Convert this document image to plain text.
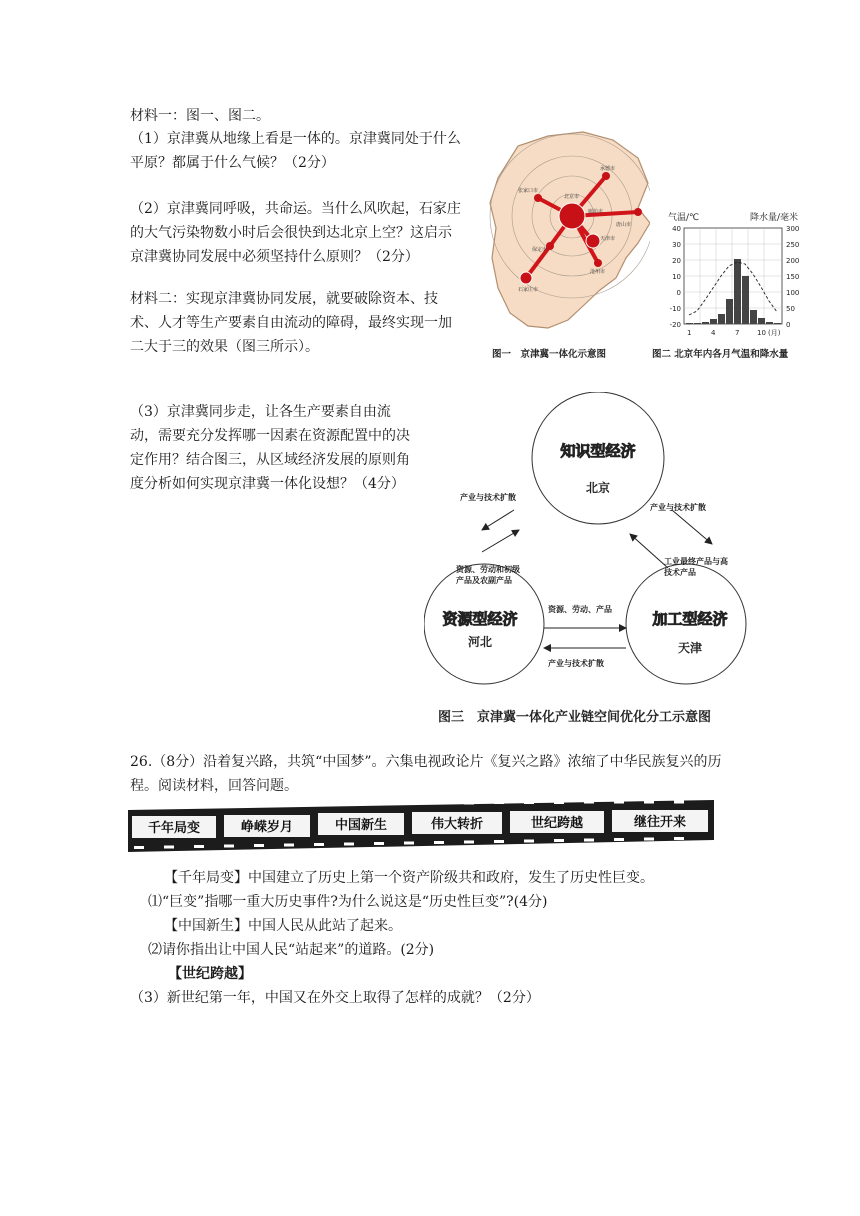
材料一：图一、图二。

（1）京津冀从地缘上看是一体的。京津冀同处于什么平原？都属于什么气候？（2分）

（2）京津冀同呼吸，共命运。当什么风吹起，石家庄的大气污染物数小时后会很快到达北京上空？这启示京津冀协同发展中必须坚持什么原则？（2分）

材料二：实现京津冀协同发展，就要破除资本、技术、人才等生产要素自由流动的障碍，最终实现一加二大于三的效果（图三所示）。

张家口市
北京市
承德市
廊坊市
保定市
天津市
唐山市
沧州市
石家庄市
图一　京津冀一体化示意图
气温/℃	降水量/毫米
40
30
20
10
0
-10
-20
300
250
200
150
100
50
0
1	4	7	10 (月)
图二 北京年内各月气温和降水量

（3）京津冀同步走，让各生产要素自由流动，需要充分发挥哪一因素在资源配置中的决定作用？结合图三，从区域经济发展的原则角度分析如何实现京津冀一体化设想？（4分）

知识型经济
北京
资源型经济
河北
加工型经济
天津
产业与技术扩散
产业与技术扩散
资源、劳动和初级产品及农副产品
工业最终产品与高技术产品
资源、劳动、产品
产业与技术扩散
图三　京津冀一体化产业链空间优化分工示意图

26.（8分）沿着复兴路，共筑“中国梦”。六集电视政论片《复兴之路》浓缩了中华民族复兴的历程。阅读材料，回答问题。

千年局变	峥嵘岁月	中国新生	伟大转折	世纪跨越	继往开来

【千年局变】中国建立了历史上第一个资产阶级共和政府，发生了历史性巨变。

⑴“巨变”指哪一重大历史事件?为什么说这是“历史性巨变”?(4分)

【中国新生】中国人民从此站了起来。

⑵请你指出让中国人民“站起来”的道路。(2分)

【世纪跨越】

（3）新世纪第一年，中国又在外交上取得了怎样的成就？（2分）
